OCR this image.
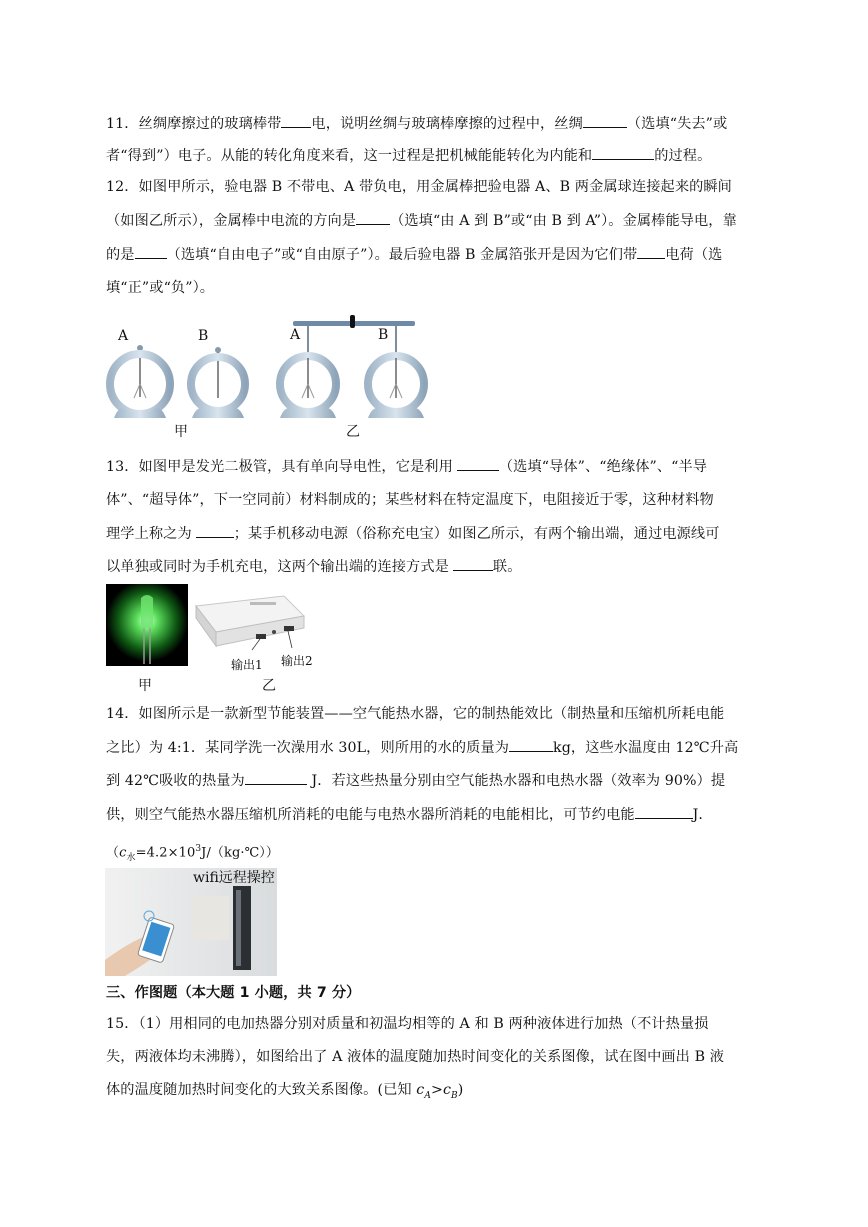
11．丝绸摩擦过的玻璃棒带 电，说明丝绸与玻璃棒摩擦的过程中，丝绸	（选填“失去”或
者“得到”）电子。从能的转化角度来看，这一过程是把机械能能转化为内能和	的过程。
12．如图甲所示，验电器 B 不带电、A 带负电，用金属棒把验电器 A、B 两金属球连接起来的瞬间
（如图乙所示），金属棒中电流的方向是 （选填“由 A 到 B”或“由 B 到 A”）。金属棒能导电，靠
的是 （选填“自由电子”或“自由原子”）。最后验电器 B 金属箔张开是因为它们带 电荷（选
填“正”或“负”）。
A	B	A	B
甲	乙
13．如图甲是发光二极管，具有单向导电性，它是利用	（选填“导体”、“绝缘体”、“半导
体”、“超导体”，下一空同前）材料制成的；某些材料在特定温度下，电阻接近于零，这种材料物
理学上称之为	；某手机移动电源（俗称充电宝）如图乙所示，有两个输出端，通过电源线可
以单独或同时为手机充电，这两个输出端的连接方式是	联。
输出1 输出2
甲	乙
14．如图所示是一款新型节能装置——空气能热水器，它的制热能效比（制热量和压缩机所耗电能
之比）为 4:1．某同学洗一次澡用水 30L，则所用的水的质量为	kg，这些水温度由 12℃升高
到 42℃吸收的热量为	J．若这些热量分别由空气能热水器和电热水器（效率为 90%）提
供，则空气能热水器压缩机所消耗的电能与电热水器所消耗的电能相比，可节约电能	J．
$(c_水=4.2\times 10^3J/(kg\cdot℃))$
wifi远程操控
三、作图题（本大题 1 小题，共 7 分）
15．（1）用相同的电加热器分别对质量和初温均相等的 A 和 B 两种液体进行加热（不计热量损
失，两液体均未沸腾），如图给出了 A 液体的温度随加热时间变化的关系图像，试在图中画出 B 液
体的温度随加热时间变化的大致关系图像。(已知 $c_A>c_B$)
